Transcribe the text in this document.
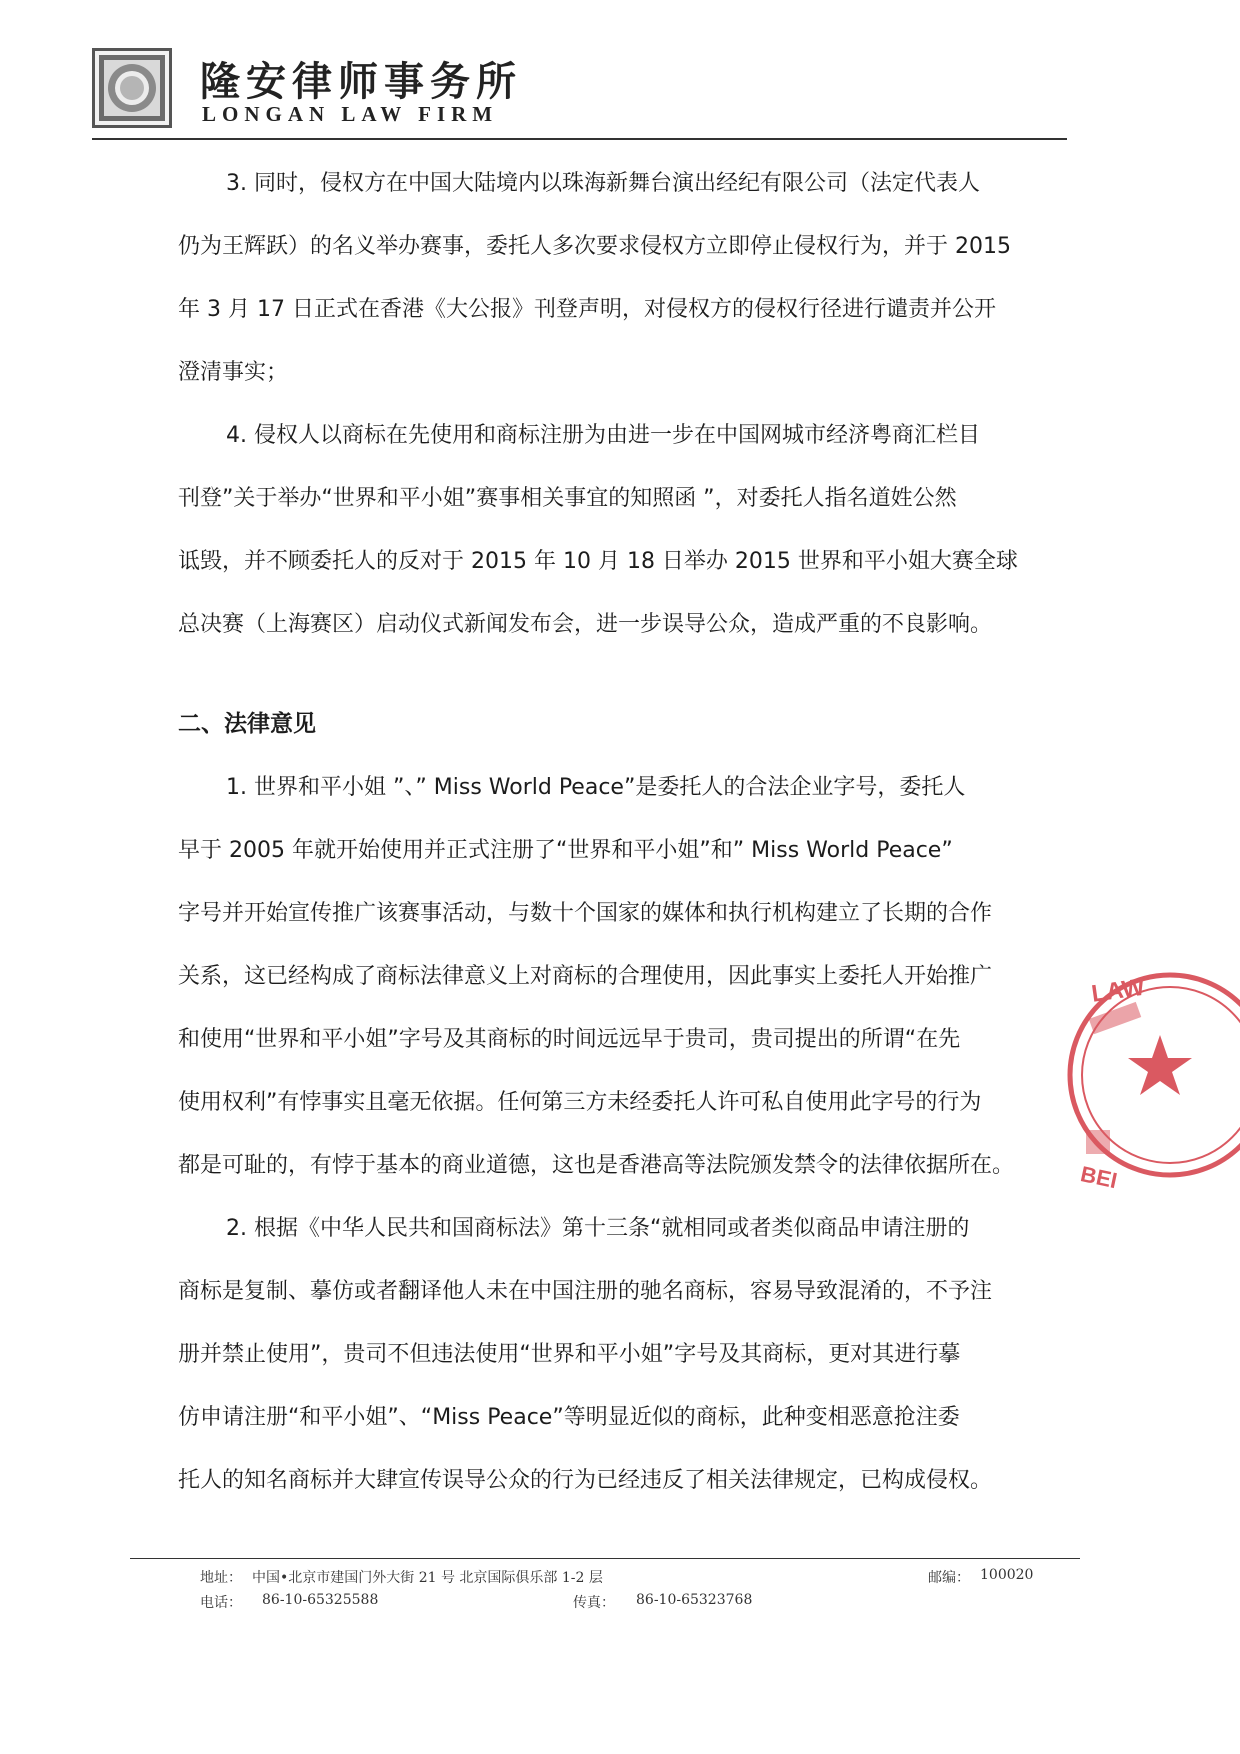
隆安律师事务所
LONGAN LAW FIRM

3. 同时，侵权方在中国大陆境内以珠海新舞台演出经纪有限公司（法定代表人
仍为王辉跃）的名义举办赛事，委托人多次要求侵权方立即停止侵权行为，并于 2015
年 3 月 17 日正式在香港《大公报》刊登声明，对侵权方的侵权行径进行谴责并公开
澄清事实；

4. 侵权人以商标在先使用和商标注册为由进一步在中国网城市经济粤商汇栏目
刊登”关于举办“世界和平小姐”赛事相关事宜的知照函 ”，对委托人指名道姓公然
诋毁，并不顾委托人的反对于 2015 年 10 月 18 日举办 2015 世界和平小姐大赛全球
总决赛（上海赛区）启动仪式新闻发布会，进一步误导公众，造成严重的不良影响。

二、法律意见

1. 世界和平小姐 ”、” Miss World Peace”是委托人的合法企业字号，委托人
早于 2005 年就开始使用并正式注册了“世界和平小姐”和” Miss World Peace”
字号并开始宣传推广该赛事活动，与数十个国家的媒体和执行机构建立了长期的合作
关系，这已经构成了商标法律意义上对商标的合理使用，因此事实上委托人开始推广
和使用“世界和平小姐”字号及其商标的时间远远早于贵司，贵司提出的所谓“在先
使用权利”有悖事实且毫无依据。任何第三方未经委托人许可私自使用此字号的行为
都是可耻的，有悖于基本的商业道德，这也是香港高等法院颁发禁令的法律依据所在。

2. 根据《中华人民共和国商标法》第十三条“就相同或者类似商品申请注册的
商标是复制、摹仿或者翻译他人未在中国注册的驰名商标，容易导致混淆的，不予注
册并禁止使用”，贵司不但违法使用“世界和平小姐”字号及其商标，更对其进行摹
仿申请注册“和平小姐”、“Miss Peace”等明显近似的商标，此种变相恶意抢注委
托人的知名商标并大肆宣传误导公众的行为已经违反了相关法律规定，已构成侵权。

LAW
BEI
地址： 中国•北京市建国门外大街 21 号 北京国际俱乐部 1-2 层	邮编： 100020
电话： 86-10-65325588	传真： 86-10-65323768
